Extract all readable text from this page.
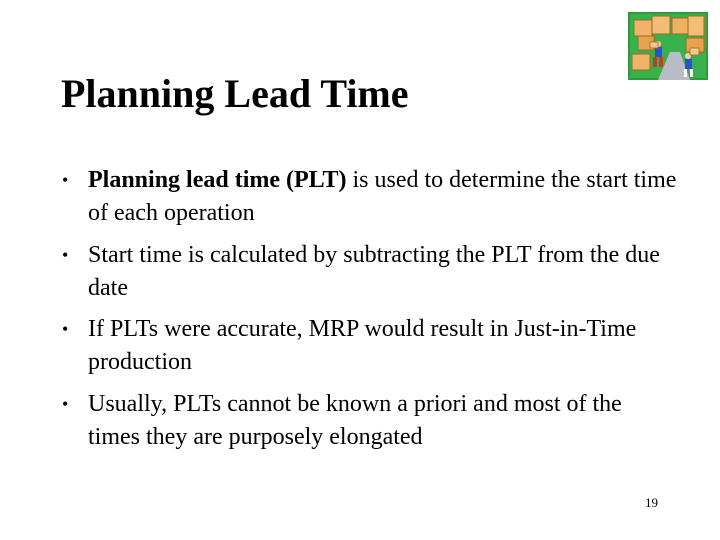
Planning Lead Time
• Planning lead time (PLT) is used to determine the start time of each operation
• Start time is calculated by subtracting the PLT from the due date
• If PLTs were accurate, MRP would result in Just-in-Time production
• Usually, PLTs cannot be known a priori and most of the times they are purposely elongated
19
